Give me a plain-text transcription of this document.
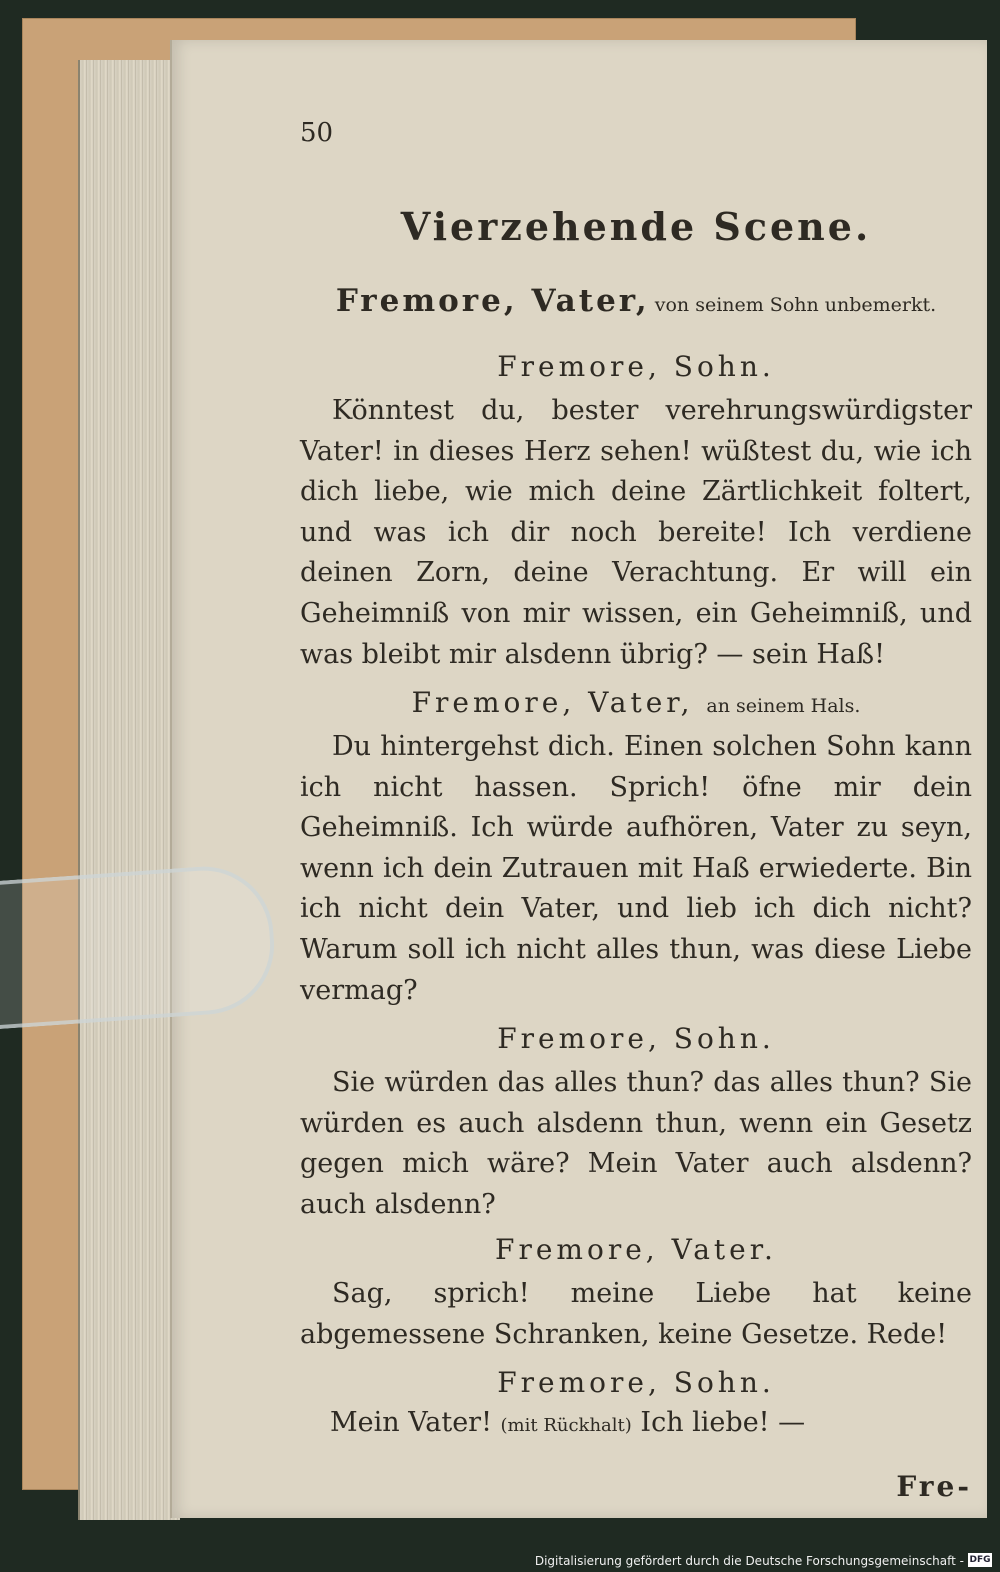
50
Vierzehende Scene.
Fremore, Vater, von seinem Sohn unbemerkt.
Fremore, Sohn.

Könntest du, bester verehrungswürdigster Vater! in dieses Herz sehen! wüßtest du, wie ich dich liebe, wie mich deine Zärtlichkeit foltert, und was ich dir noch bereite! Ich verdiene deinen Zorn, deine Verachtung. Er will ein Geheimniß von mir wissen, ein Geheimniß, und was bleibt mir alsdenn übrig? — sein Haß!

Fremore, Vater, an seinem Hals.

Du hintergehst dich. Einen solchen Sohn kann ich nicht hassen. Sprich! öfne mir dein Geheimniß. Ich würde aufhören, Vater zu seyn, wenn ich dein Zutrauen mit Haß erwiederte. Bin ich nicht dein Vater, und lieb ich dich nicht? Warum soll ich nicht alles thun, was diese Liebe vermag?

Fremore, Sohn.

Sie würden das alles thun? das alles thun? Sie würden es auch alsdenn thun, wenn ein Gesetz gegen mich wäre? Mein Vater auch alsdenn? auch alsdenn?

Fremore, Vater.

Sag, sprich! meine Liebe hat keine abgemessene Schranken, keine Gesetze. Rede!

Fremore, Sohn.
Mein Vater! (mit Rückhalt) Ich liebe! —
Fre-
Digitalisierung gefördert durch die Deutsche Forschungsgemeinschaft - DFG
